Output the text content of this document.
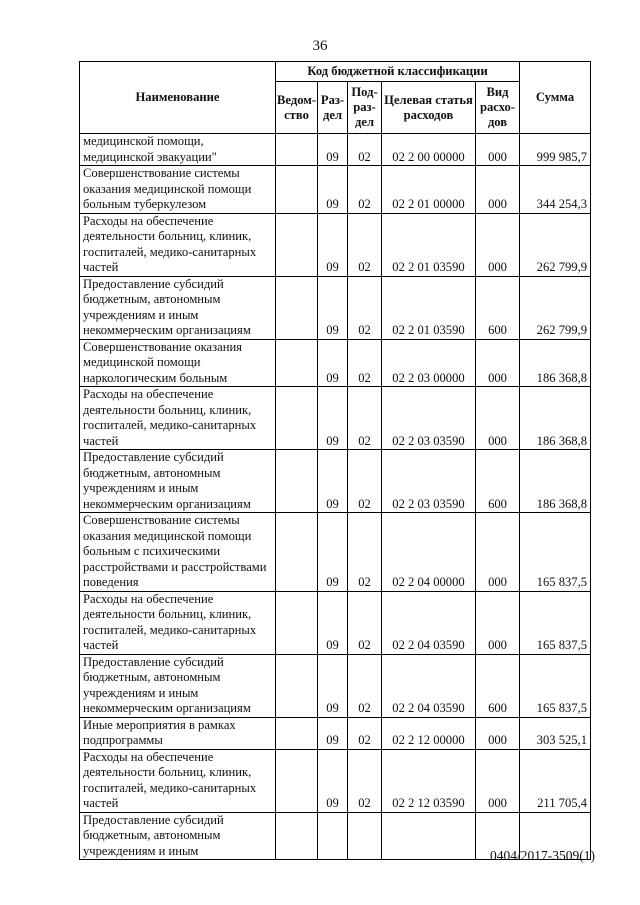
36
Наименование	Код бюджетной классификации					Сумма
	Ведом-ство	Раз-дел	Под-раз-дел	Целевая статья расходов	Вид расхо-дов	
медицинской помощи, медицинской эвакуации"		09	02	02 2 00 00000	000	999 985,7
Совершенствование системы оказания медицинской помощи больным туберкулезом		09	02	02 2 01 00000	000	344 254,3
Расходы на обеспечение деятельности больниц, клиник, госпиталей, медико-санитарных частей		09	02	02 2 01 03590	000	262 799,9
Предоставление субсидий бюджетным, автономным учреждениям и иным некоммерческим организациям		09	02	02 2 01 03590	600	262 799,9
Совершенствование оказания медицинской помощи наркологическим больным		09	02	02 2 03 00000	000	186 368,8
Расходы на обеспечение деятельности больниц, клиник, госпиталей, медико-санитарных частей		09	02	02 2 03 03590	000	186 368,8
Предоставление субсидий бюджетным, автономным учреждениям и иным некоммерческим организациям		09	02	02 2 03 03590	600	186 368,8
Совершенствование системы оказания медицинской помощи больным с психическими расстройствами и расстройствами поведения		09	02	02 2 04 00000	000	165 837,5
Расходы на обеспечение деятельности больниц, клиник, госпиталей, медико-санитарных частей		09	02	02 2 04 03590	000	165 837,5
Предоставление субсидий бюджетным, автономным учреждениям и иным некоммерческим организациям		09	02	02 2 04 03590	600	165 837,5
Иные мероприятия в рамках подпрограммы		09	02	02 2 12 00000	000	303 525,1
Расходы на обеспечение деятельности больниц, клиник, госпиталей, медико-санитарных частей		09	02	02 2 12 03590	000	211 705,4
Предоставление субсидий бюджетным, автономным учреждениям и иным							0404/2017-3509(1)
